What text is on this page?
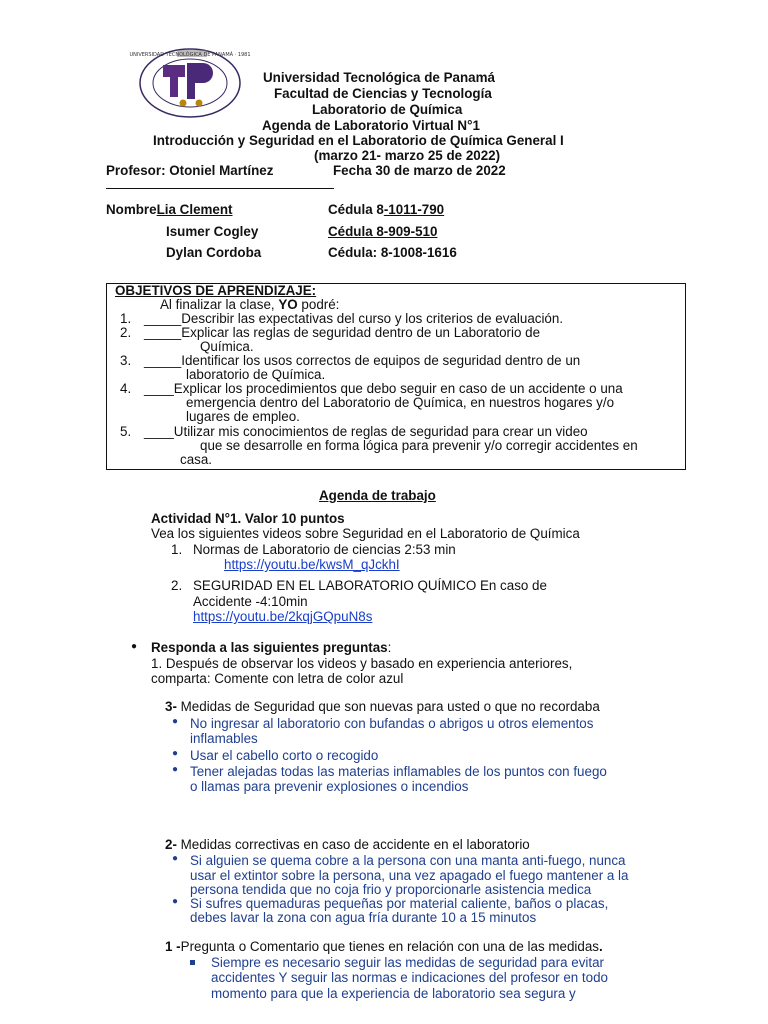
UNIVERSIDAD TECNOLÓGICA DE PANAMÁ · 1981
Universidad Tecnológica de Panamá
Facultad de Ciencias y Tecnología
Laboratorio de Química
Agenda de Laboratorio Virtual N°1
Introducción y Seguridad en el Laboratorio de Química General I
(marzo 21- marzo 25 de 2022)
Profesor: Otoniel Martínez	Fecha 30 de marzo de 2022
NombreLia Clement	Cédula 8-1011-790
Isumer Cogley	Cédula 8-909-510
Dylan Cordoba	Cédula: 8-1008-1616
OBJETIVOS DE APRENDIZAJE:
Al finalizar la clase, YO podré:
1. _____Describir las expectativas del curso y los criterios de evaluación.
2. _____Explicar las reglas de seguridad dentro de un Laboratorio de
Química.
3. _____Identificar los usos correctos de equipos de seguridad dentro de un
laboratorio de Química.
4. ____Explicar los procedimientos que debo seguir en caso de un accidente o una
emergencia dentro del Laboratorio de Química, en nuestros hogares y/o
lugares de empleo.
5. ____Utilizar mis conocimientos de reglas de seguridad para crear un video
que se desarrolle en forma lógica para prevenir y/o corregir accidentes en
casa.
Agenda de trabajo
Actividad N°1. Valor 10 puntos
Vea los siguientes videos sobre Seguridad en el Laboratorio de Química
1. Normas de Laboratorio de ciencias 2:53 min
https://youtu.be/kwsM_qJckhI
2. SEGURIDAD EN EL LABORATORIO QUÍMICO En caso de
Accidente -4:10min
https://youtu.be/2kqjGQpuN8s
● Responda a las siguientes preguntas:
1. Después de observar los videos y basado en experiencia anteriores,
comparta: Comente con letra de color azul
3- Medidas de Seguridad que son nuevas para usted o que no recordaba
● No ingresar al laboratorio con bufandas o abrigos u otros elementos
inflamables
● Usar el cabello corto o recogido
● Tener alejadas todas las materias inflamables de los puntos con fuego
o llamas para prevenir explosiones o incendios
2- Medidas correctivas en caso de accidente en el laboratorio
● Si alguien se quema cobre a la persona con una manta anti-fuego, nunca
usar el extintor sobre la persona, una vez apagado el fuego mantener a la
persona tendida que no coja frio y proporcionarle asistencia medica
● Si sufres quemaduras pequeñas por material caliente, baños o placas,
debes lavar la zona con agua fría durante 10 a 15 minutos
1 -Pregunta o Comentario que tienes en relación con una de las medidas.
Siempre es necesario seguir las medidas de seguridad para evitar
accidentes Y seguir las normas e indicaciones del profesor en todo
momento para que la experiencia de laboratorio sea segura y
